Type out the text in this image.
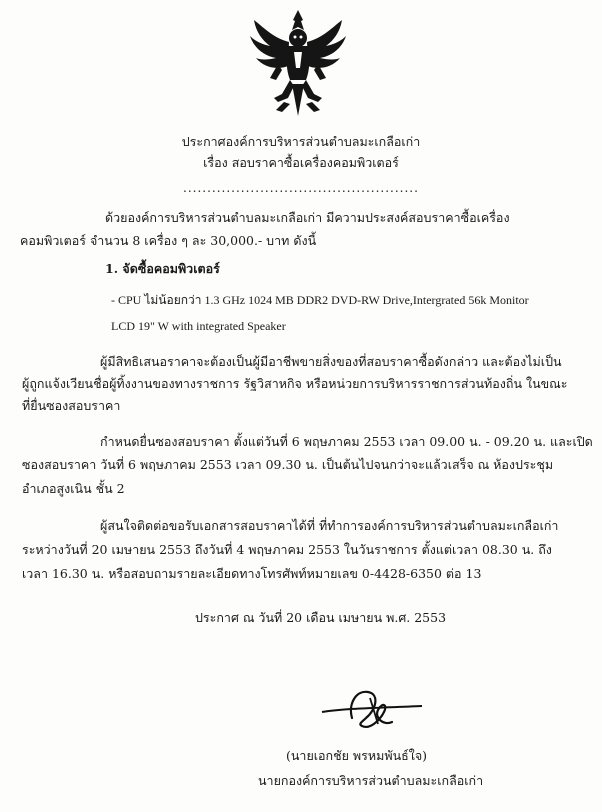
ประกาศองค์การบริหารส่วนตำบลมะเกลือเก่า
เรื่อง สอบราคาซื้อเครื่องคอมพิวเตอร์
.................................................
ด้วยองค์การบริหารส่วนตำบลมะเกลือเก่า มีความประสงค์สอบราคาซื้อเครื่อง
คอมพิวเตอร์ จำนวน 8 เครื่อง ๆ ละ 30,000.- บาท ดังนี้
1. จัดซื้อคอมพิวเตอร์
- CPU ไม่น้อยกว่า 1.3 GHz 1024 MB DDR2 DVD-RW Drive,Intergrated 56k Monitor
LCD 19" W with integrated Speaker
ผู้มีสิทธิเสนอราคาจะต้องเป็นผู้มีอาชีพขายสิ่งของที่สอบราคาซื้อดังกล่าว และต้องไม่เป็น
ผู้ถูกแจ้งเวียนชื่อผู้ทิ้งงานของทางราชการ รัฐวิสาหกิจ หรือหน่วยการบริหารราชการส่วนท้องถิ่น ในขณะ
ที่ยื่นซองสอบราคา
กำหนดยื่นซองสอบราคา ตั้งแต่วันที่ 6 พฤษภาคม 2553 เวลา 09.00 น. - 09.20 น. และเปิด
ซองสอบราคา วันที่ 6 พฤษภาคม 2553 เวลา 09.30 น. เป็นต้นไปจนกว่าจะแล้วเสร็จ ณ ห้องประชุม
อำเภอสูงเนิน ชั้น 2
ผู้สนใจติดต่อขอรับเอกสารสอบราคาได้ที่ ที่ทำการองค์การบริหารส่วนตำบลมะเกลือเก่า
ระหว่างวันที่ 20 เมษายน 2553 ถึงวันที่ 4 พฤษภาคม 2553 ในวันราชการ ตั้งแต่เวลา 08.30 น. ถึง
เวลา 16.30 น. หรือสอบถามรายละเอียดทางโทรศัพท์หมายเลข 0-4428-6350 ต่อ 13
ประกาศ ณ วันที่ 20 เดือน เมษายน พ.ศ. 2553
(นายเอกชัย พรหมพันธ์ใจ)
นายกองค์การบริหารส่วนตำบลมะเกลือเก่า
